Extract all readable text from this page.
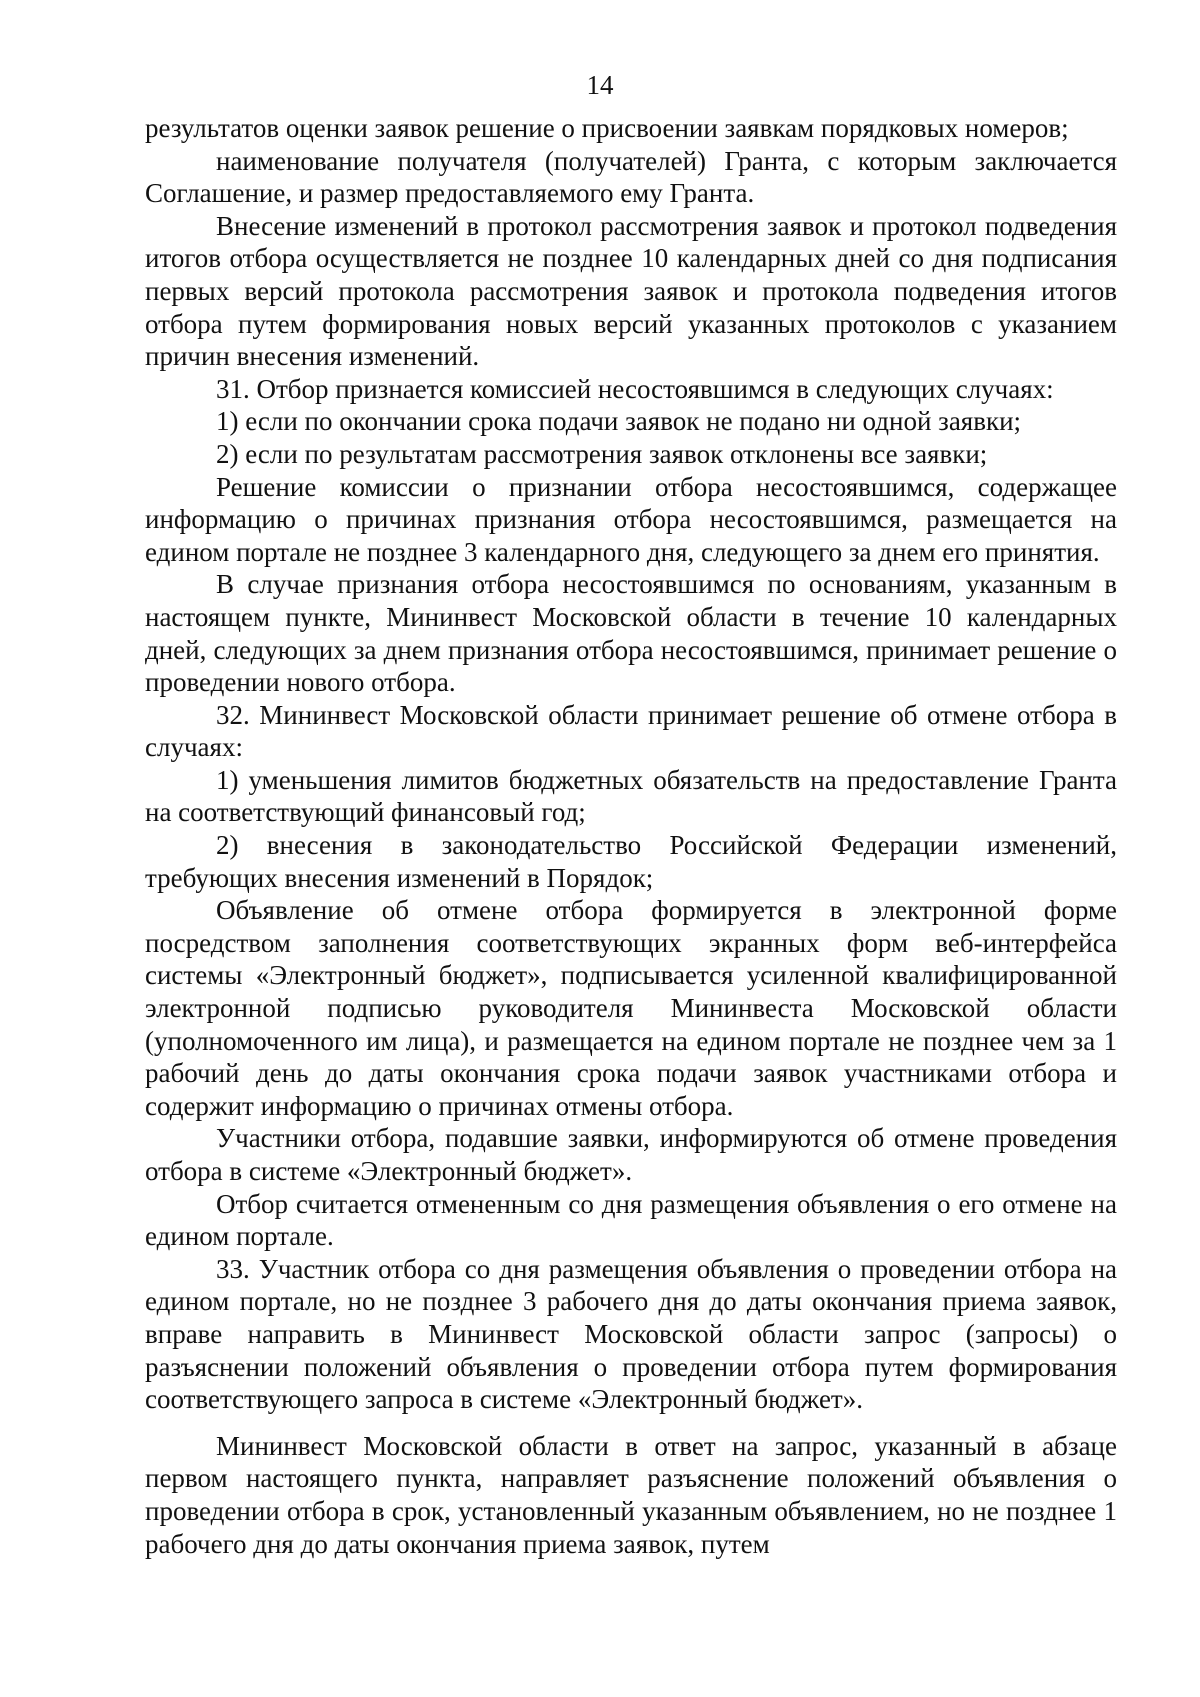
14

результатов оценки заявок решение о присвоении заявкам порядковых номеров;

наименование получателя (получателей) Гранта, с которым заключается Соглашение, и размер предоставляемого ему Гранта.

Внесение изменений в протокол рассмотрения заявок и протокол подведения итогов отбора осуществляется не позднее 10 календарных дней со дня подписания первых версий протокола рассмотрения заявок и протокола подведения итогов отбора путем формирования новых версий указанных протоколов с указанием причин внесения изменений.

31. Отбор признается комиссией несостоявшимся в следующих случаях:

1) если по окончании срока подачи заявок не подано ни одной заявки;

2) если по результатам рассмотрения заявок отклонены все заявки;

Решение комиссии о признании отбора несостоявшимся, содержащее информацию о причинах признания отбора несостоявшимся, размещается на едином портале не позднее 3 календарного дня, следующего за днем его принятия.

В случае признания отбора несостоявшимся по основаниям, указанным в настоящем пункте, Мининвест Московской области в течение 10 календарных дней, следующих за днем признания отбора несостоявшимся, принимает решение о проведении нового отбора.

32. Мининвест Московской области принимает решение об отмене отбора в случаях:

1) уменьшения лимитов бюджетных обязательств на предоставление Гранта на соответствующий финансовый год;

2) внесения в законодательство Российской Федерации изменений, требующих внесения изменений в Порядок;

Объявление об отмене отбора формируется в электронной форме посредством заполнения соответствующих экранных форм веб-интерфейса системы «Электронный бюджет», подписывается усиленной квалифицированной электронной подписью руководителя Мининвеста Московской области (уполномоченного им лица), и размещается на едином портале не позднее чем за 1 рабочий день до даты окончания срока подачи заявок участниками отбора и содержит информацию о причинах отмены отбора.

Участники отбора, подавшие заявки, информируются об отмене проведения отбора в системе «Электронный бюджет».

Отбор считается отмененным со дня размещения объявления о его отмене на едином портале.

33. Участник отбора со дня размещения объявления о проведении отбора на едином портале, но не позднее 3 рабочего дня до даты окончания приема заявок, вправе направить в Мининвест Московской области запрос (запросы) о разъяснении положений объявления о проведении отбора путем формирования соответствующего запроса в системе «Электронный бюджет».

Мининвест Московской области в ответ на запрос, указанный в абзаце первом настоящего пункта, направляет разъяснение положений объявления о проведении отбора в срок, установленный указанным объявлением, но не позднее 1 рабочего дня до даты окончания приема заявок, путем
